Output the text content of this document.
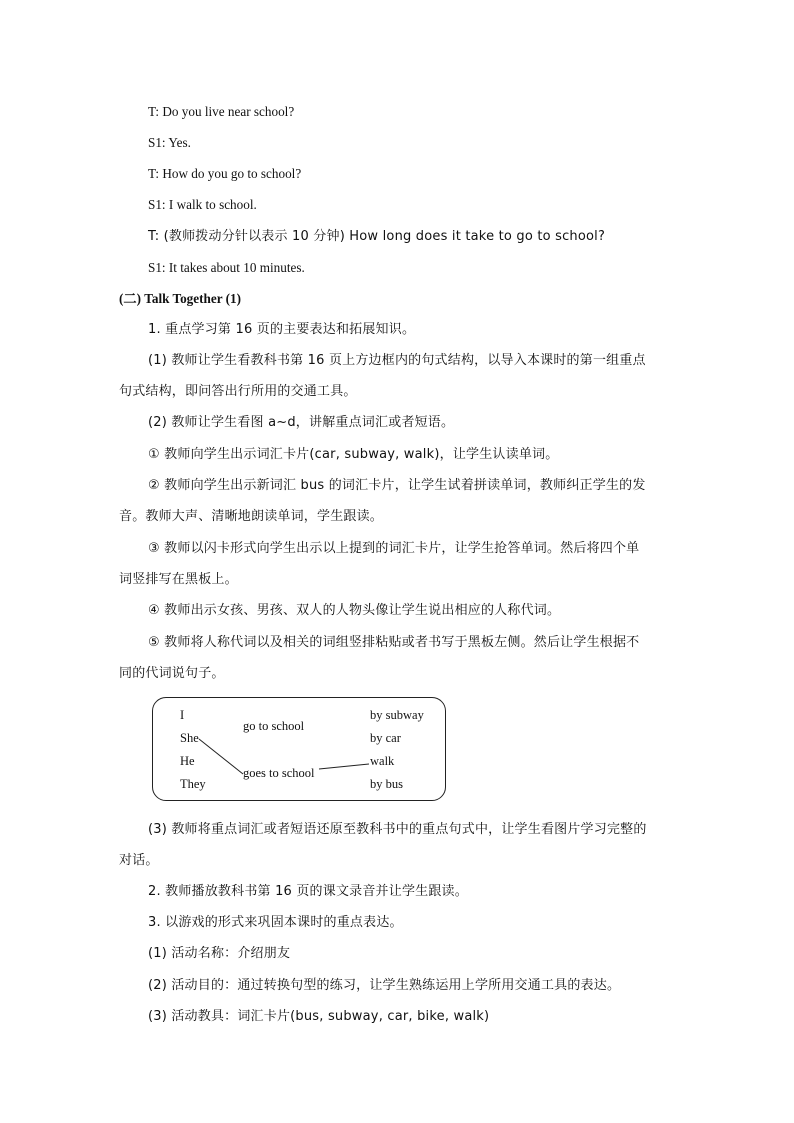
T: Do you live near school?
S1: Yes.
T: How do you go to school?
S1: I walk to school.
T: (教师拨动分针以表示 10 分钟) How long does it take to go to school?
S1: It takes about 10 minutes.
(二) Talk Together (1)
1. 重点学习第 16 页的主要表达和拓展知识。
(1) 教师让学生看教科书第 16 页上方边框内的句式结构，以导入本课时的第一组重点
句式结构，即问答出行所用的交通工具。
(2) 教师让学生看图 a~d，讲解重点词汇或者短语。
① 教师向学生出示词汇卡片(car, subway, walk)，让学生认读单词。
② 教师向学生出示新词汇 bus 的词汇卡片，让学生试着拼读单词，教师纠正学生的发
音。教师大声、清晰地朗读单词，学生跟读。
③ 教师以闪卡形式向学生出示以上提到的词汇卡片，让学生抢答单词。然后将四个单
词竖排写在黑板上。
④ 教师出示女孩、男孩、双人的人物头像让学生说出相应的人称代词。
⑤ 教师将人称代词以及相关的词组竖排粘贴或者书写于黑板左侧。然后让学生根据不
同的代词说句子。
I
She
He
They
go to school
goes to school
by subway
by car
walk
by bus
(3) 教师将重点词汇或者短语还原至教科书中的重点句式中，让学生看图片学习完整的
对话。
2. 教师播放教科书第 16 页的课文录音并让学生跟读。
3. 以游戏的形式来巩固本课时的重点表达。
(1) 活动名称：介绍朋友
(2) 活动目的：通过转换句型的练习，让学生熟练运用上学所用交通工具的表达。
(3) 活动教具：词汇卡片(bus, subway, car, bike, walk)
